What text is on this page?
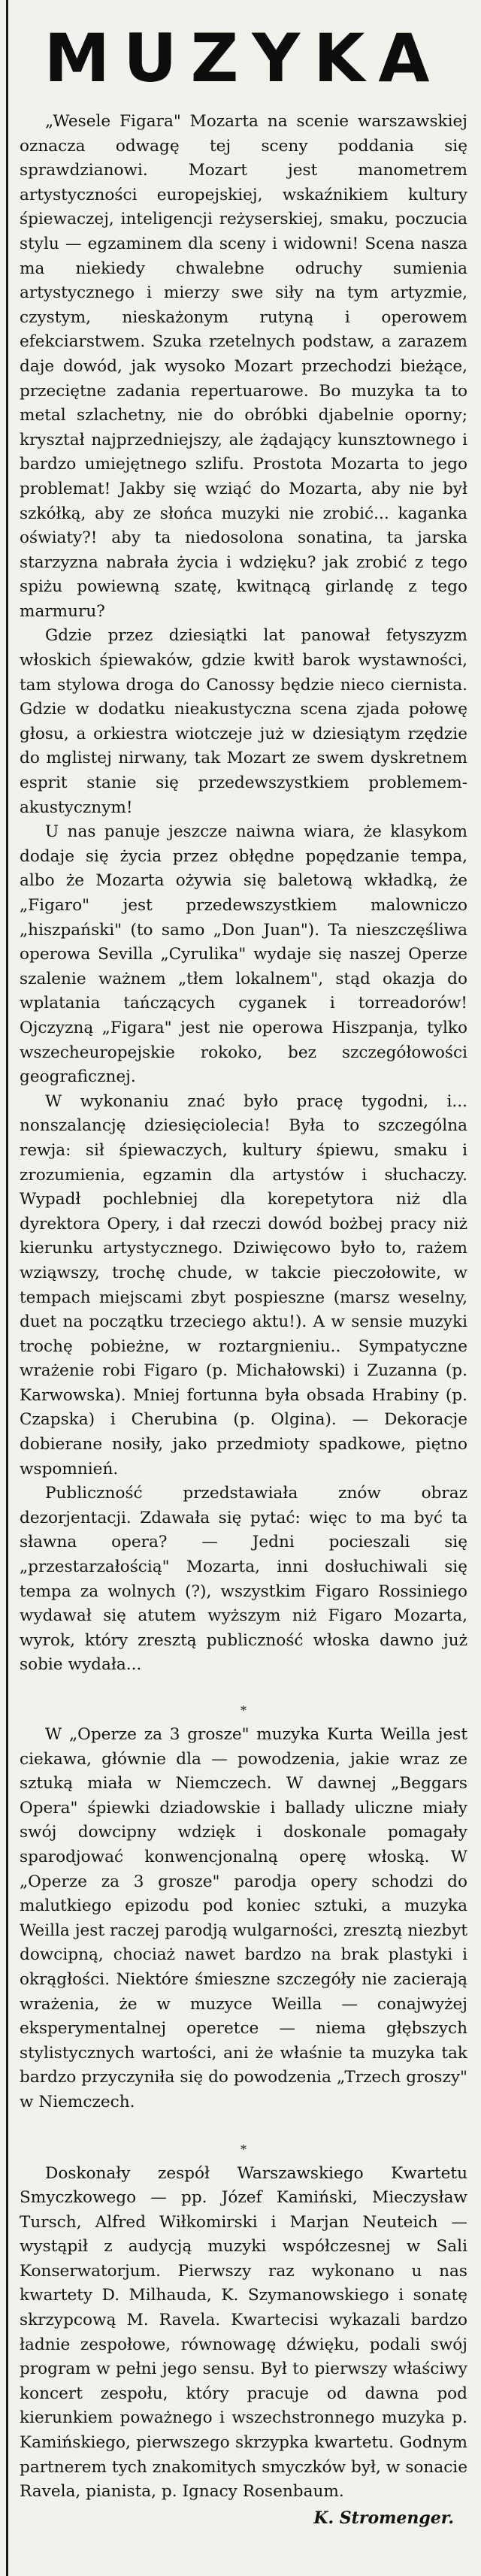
MUZYKA

„Wesele Figara" Mozarta na scenie warszawskiej oznacza odwagę tej sceny poddania się sprawdzianowi. Mozart jest manometrem artystyczności europejskiej, wskaźnikiem kultury śpiewaczej, inteligencji reżyserskiej, smaku, poczucia stylu — egzaminem dla sceny i widowni! Scena nasza ma niekiedy chwalebne odruchy sumienia artystycznego i mierzy swe siły na tym artyzmie, czystym, nieskażonym rutyną i operowem efekciarstwem. Szuka rzetelnych podstaw, a zarazem daje dowód, jak wysoko Mozart przechodzi bieżące, przeciętne zadania repertuarowe. Bo muzyka ta to metal szlachetny, nie do obróbki djabelnie oporny; kryształ najprzedniejszy, ale żądający kunsztownego i bardzo umiejętnego szlifu. Prostota Mozarta to jego problemat! Jakby się wziąć do Mozarta, aby nie był szkółką, aby ze słońca muzyki nie zrobić... kaganka oświaty?! aby ta niedosolona sonatina, ta jarska starzyzna nabrała życia i wdzięku? jak zrobić z tego spiżu powiewną szatę, kwitnącą girlandę z tego marmuru?

Gdzie przez dziesiątki lat panował fetyszyzm włoskich śpiewaków, gdzie kwitł barok wystawności, tam stylowa droga do Canossy będzie nieco ciernista. Gdzie w dodatku nieakustyczna scena zjada połowę głosu, a orkiestra wiotczeje już w dziesiątym rzędzie do mglistej nirwany, tak Mozart ze swem dyskretnem esprit stanie się przedewszystkiem problemem-akustycznym!

U nas panuje jeszcze naiwna wiara, że klasykom dodaje się życia przez obłędne popędzanie tempa, albo że Mozarta ożywia się baletową wkładką, że „Figaro" jest przedewszystkiem malowniczo „hiszpański" (to samo „Don Juan"). Ta nieszczęśliwa operowa Sevilla „Cyrulika" wydaje się naszej Operze szalenie ważnem „tłem lokalnem", stąd okazja do wplatania tańczących cyganek i torreadorów! Ojczyzną „Figara" jest nie operowa Hiszpanja, tylko wszecheuropejskie rokoko, bez szczegółowości geograficznej.

W wykonaniu znać było pracę tygodni, i... nonszalancję dziesięciolecia! Była to szczególna rewja: sił śpiewaczych, kultury śpiewu, smaku i zrozumienia, egzamin dla artystów i słuchaczy. Wypadł pochlebniej dla korepetytora niż dla dyrektora Opery, i dał rzeczi dowód bożbej pracy niż kierunku artystycznego. Dziwięcowo było to, rażem wziąwszy, trochę chude, w takcie pieczołowite, w tempach miejscami zbyt pospieszne (marsz weselny, duet na początku trzeciego aktu!). A w sensie muzyki trochę pobieżne, w roztargnieniu.. Sympatyczne wrażenie robi Figaro (p. Michałowski) i Zuzanna (p. Karwowska). Mniej fortunna była obsada Hrabiny (p. Czapska) i Cherubina (p. Olgina). — Dekoracje dobierane nosiły, jako przedmioty spadkowe, piętno wspomnień.

Publiczność przedstawiała znów obraz dezorjentacji. Zdawała się pytać: więc to ma być ta sławna opera? — Jedni pocieszali się „przestarzałością" Mozarta, inni dosłuchiwali się tempa za wolnych (?), wszystkim Figaro Rossiniego wydawał się atutem wyższym niż Figaro Mozarta, wyrok, który zresztą publiczność włoska dawno już sobie wydała...

*

W „Operze za 3 grosze" muzyka Kurta Weilla jest ciekawa, głównie dla — powodzenia, jakie wraz ze sztuką miała w Niemczech. W dawnej „Beggars Opera" śpiewki dziadowskie i ballady uliczne miały swój dowcipny wdzięk i doskonale pomagały sparodjować konwencjonalną operę włoską. W „Operze za 3 grosze" parodja opery schodzi do malutkiego epizodu pod koniec sztuki, a muzyka Weilla jest raczej parodją wulgarności, zresztą niezbyt dowcipną, chociaż nawet bardzo na brak plastyki i okrągłości. Niektóre śmieszne szczegóły nie zacierają wrażenia, że w muzyce Weilla — conajwyżej eksperymentalnej operetce — niema głębszych stylistycznych wartości, ani że właśnie ta muzyka tak bardzo przyczyniła się do powodzenia „Trzech groszy" w Niemczech.

*

Doskonały zespół Warszawskiego Kwartetu Smyczkowego — pp. Józef Kamiński, Mieczysław Tursch, Alfred Wiłkomirski i Marjan Neuteich — wystąpił z audycją muzyki współczesnej w Sali Konserwatorjum. Pierwszy raz wykonano u nas kwartety D. Milhauda, K. Szymanowskiego i sonatę skrzypcową M. Ravela. Kwartecisi wykazali bardzo ładnie zespołowe, równowagę dźwięku, podali swój program w pełni jego sensu. Był to pierwszy właściwy koncert zespołu, który pracuje od dawna pod kierunkiem poważnego i wszechstronnego muzyka p. Kamińskiego, pierwszego skrzypka kwartetu. Godnym partnerem tych znakomitych smyczków był, w sonacie Ravela, pianista, p. Ignacy Rosenbaum.

K. Stromenger.
